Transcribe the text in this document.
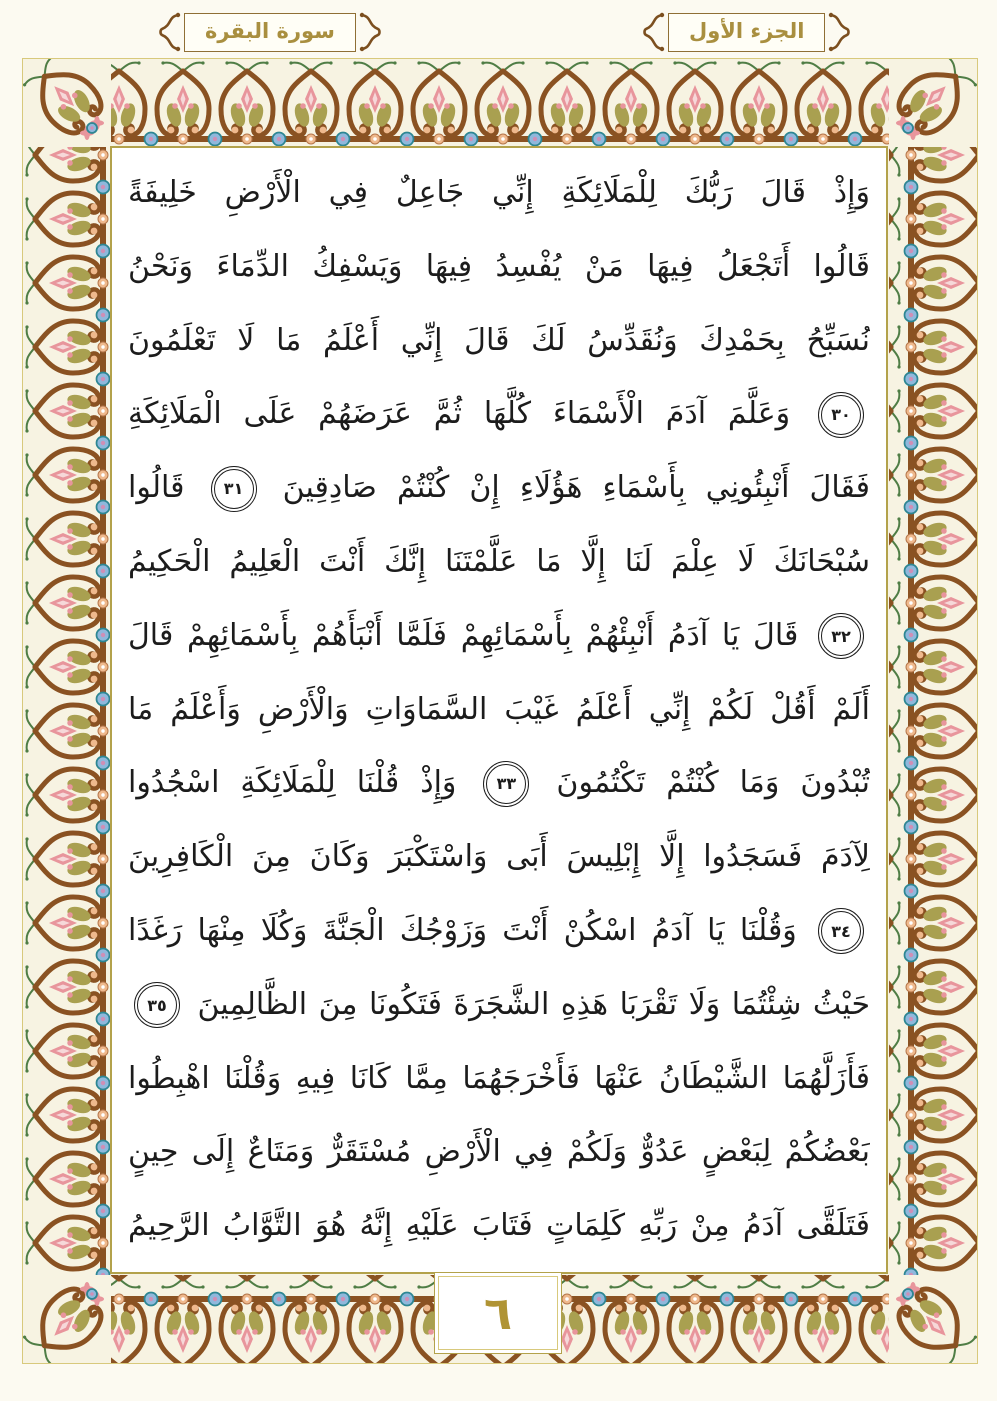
سورة البقرة	الجزء الأول
وَإِذْ قَالَ رَبُّكَ لِلْمَلَائِكَةِ إِنِّي جَاعِلٌ فِي الْأَرْضِ خَلِيفَةً
قَالُوا أَتَجْعَلُ فِيهَا مَنْ يُفْسِدُ فِيهَا وَيَسْفِكُ الدِّمَاءَ وَنَحْنُ
نُسَبِّحُ بِحَمْدِكَ وَنُقَدِّسُ لَكَ قَالَ إِنِّي أَعْلَمُ مَا لَا تَعْلَمُونَ
٣٠ وَعَلَّمَ آدَمَ الْأَسْمَاءَ كُلَّهَا ثُمَّ عَرَضَهُمْ عَلَى الْمَلَائِكَةِ
فَقَالَ أَنْبِئُونِي بِأَسْمَاءِ هَؤُلَاءِ إِنْ كُنْتُمْ صَادِقِينَ ٣١ قَالُوا
سُبْحَانَكَ لَا عِلْمَ لَنَا إِلَّا مَا عَلَّمْتَنَا إِنَّكَ أَنْتَ الْعَلِيمُ الْحَكِيمُ
٣٢ قَالَ يَا آدَمُ أَنْبِئْهُمْ بِأَسْمَائِهِمْ فَلَمَّا أَنْبَأَهُمْ بِأَسْمَائِهِمْ قَالَ
أَلَمْ أَقُلْ لَكُمْ إِنِّي أَعْلَمُ غَيْبَ السَّمَاوَاتِ وَالْأَرْضِ وَأَعْلَمُ مَا
تُبْدُونَ وَمَا كُنْتُمْ تَكْتُمُونَ ٣٣ وَإِذْ قُلْنَا لِلْمَلَائِكَةِ اسْجُدُوا
لِآدَمَ فَسَجَدُوا إِلَّا إِبْلِيسَ أَبَى وَاسْتَكْبَرَ وَكَانَ مِنَ الْكَافِرِينَ
٣٤ وَقُلْنَا يَا آدَمُ اسْكُنْ أَنْتَ وَزَوْجُكَ الْجَنَّةَ وَكُلَا مِنْهَا رَغَدًا
حَيْثُ شِئْتُمَا وَلَا تَقْرَبَا هَذِهِ الشَّجَرَةَ فَتَكُونَا مِنَ الظَّالِمِينَ ٣٥
فَأَزَلَّهُمَا الشَّيْطَانُ عَنْهَا فَأَخْرَجَهُمَا مِمَّا كَانَا فِيهِ وَقُلْنَا اهْبِطُوا
بَعْضُكُمْ لِبَعْضٍ عَدُوٌّ وَلَكُمْ فِي الْأَرْضِ مُسْتَقَرٌّ وَمَتَاعٌ إِلَى حِينٍ
فَتَلَقَّى آدَمُ مِنْ رَبِّهِ كَلِمَاتٍ فَتَابَ عَلَيْهِ إِنَّهُ هُوَ التَّوَّابُ الرَّحِيمُ
٦
